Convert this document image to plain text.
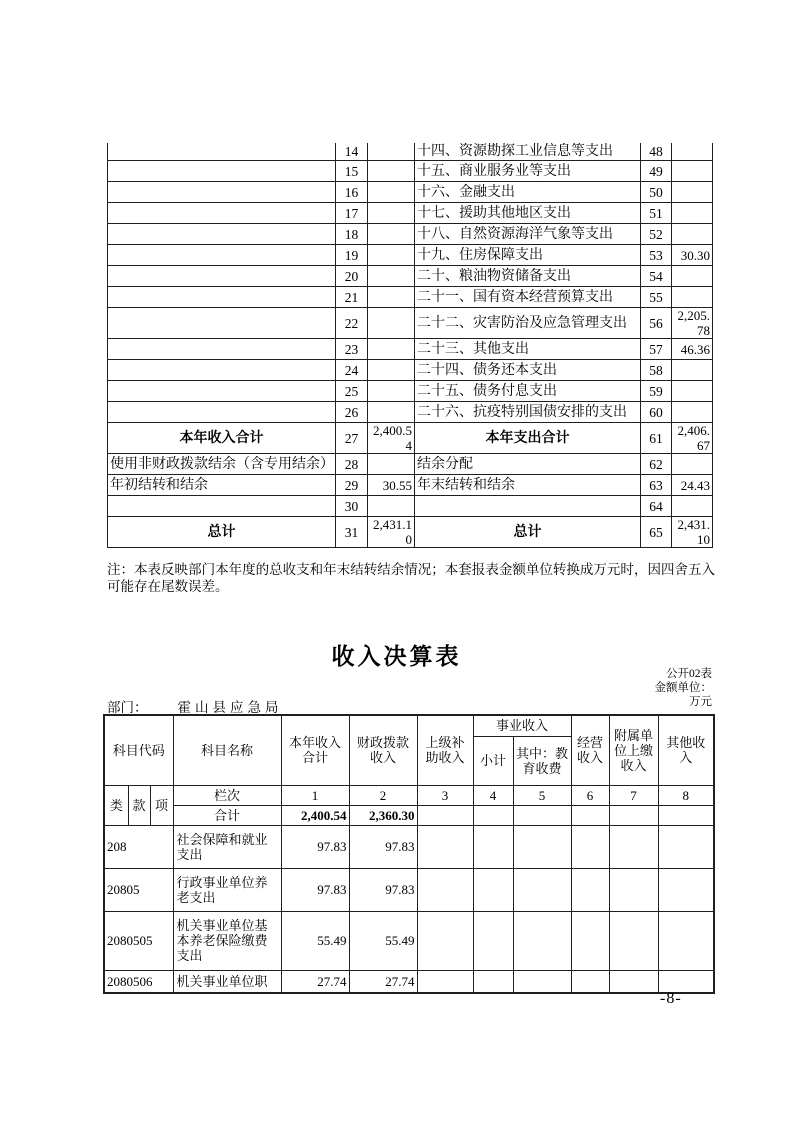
	14		十四、资源勘探工业信息等支出	48	
	15		十五、商业服务业等支出	49	
	16		十六、金融支出	50	
	17		十七、援助其他地区支出	51	
	18		十八、自然资源海洋气象等支出	52	
	19		十九、住房保障支出	53	30.30
	20		二十、粮油物资储备支出	54	
	21		二十一、国有资本经营预算支出	55	
	22		二十二、灾害防治及应急管理支出	56	2,205.78
	23		二十三、其他支出	57	46.36
	24		二十四、债务还本支出	58	
	25		二十五、债务付息支出	59	
	26		二十六、抗疫特别国债安排的支出	60	
本年收入合计	27	2,400.54	本年支出合计	61	2,406.67
使用非财政拨款结余（含专用结余）	28		结余分配	62	
年初结转和结余	29	30.55	年末结转和结余	63	24.43
	30			64	
总计	31	2,431.10	总计	65	2,431.10
注：本表反映部门本年度的总收支和年末结转结余情况；本套报表金额单位转换成万元时，因四舍五入可能存在尾数误差。
收入决算表
公开02表
金额单位：
万元
部门： 霍山县应急局
科目代码			科目名称	本年收入合计	财政拨款收入	上级补助收入	事业收入		经营收入	附属单位上缴收入	其他收入
							小计	其中：教育收费			
类	款	项	栏次	1	2	3	4	5	6	7	8
			合计	2,400.54	2,360.30						
208			社会保障和就业支出	97.83	97.83						
20805			行政事业单位养老支出	97.83	97.83						
2080505			机关事业单位基本养老保险缴费支出	55.49	55.49						
2080506			机关事业单位职	27.74	27.74						
-8-
